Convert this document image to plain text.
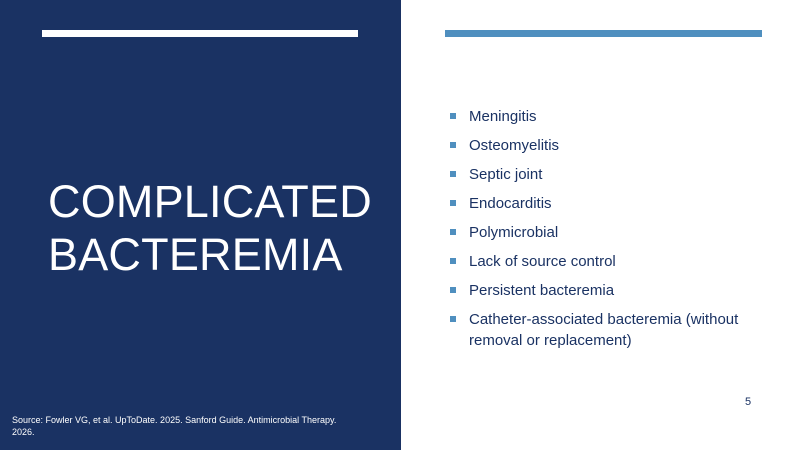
COMPLICATED
BACTEREMIA
Source: Fowler VG, et al. UpToDate. 2025. Sanford Guide. Antimicrobial Therapy. 2026.
Meningitis
Osteomyelitis
Septic joint
Endocarditis
Polymicrobial
Lack of source control
Persistent bacteremia
Catheter-associated bacteremia (without removal or replacement)
5
